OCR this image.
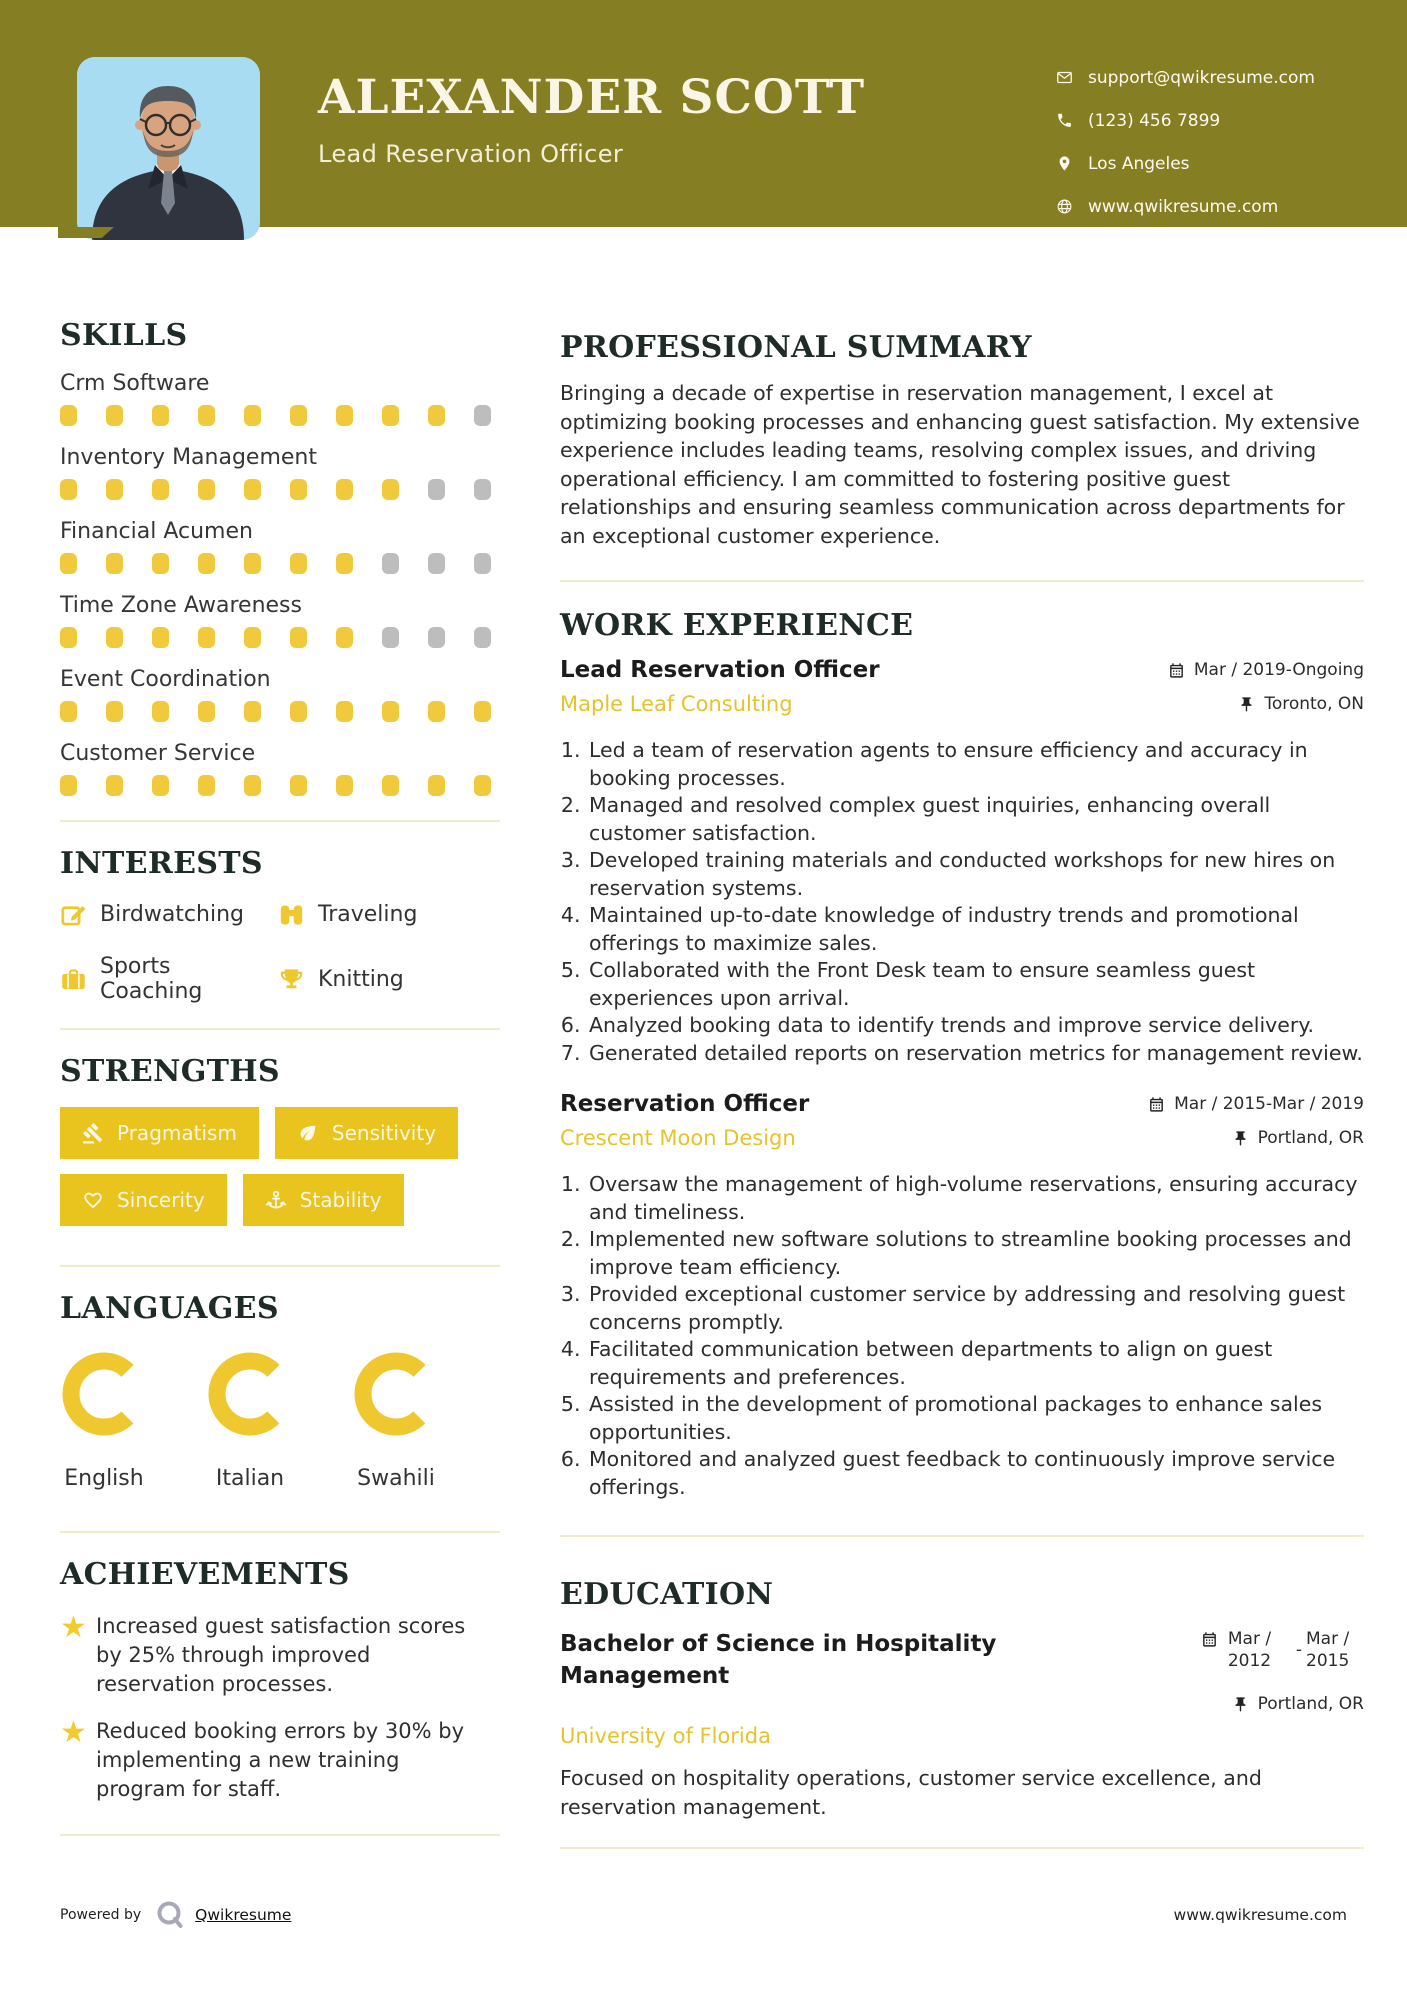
ALEXANDER SCOTT
Lead Reservation Officer
support@qwikresume.com
(123) 456 7899
Los Angeles
www.qwikresume.com
SKILLS
Crm Software
Inventory Management
Financial Acumen
Time Zone Awareness
Event Coordination
Customer Service
INTERESTS
Birdwatching	Traveling
Sports Coaching	Knitting
STRENGTHS
Pragmatism	Sensitivity
Sincerity	Stability
LANGUAGES
English	Italian	Swahili
ACHIEVEMENTS
★ Increased guest satisfaction scores by 25% through improved reservation processes.
★ Reduced booking errors by 30% by implementing a new training program for staff.
PROFESSIONAL SUMMARY

Bringing a decade of expertise in reservation management, I excel at optimizing booking processes and enhancing guest satisfaction. My extensive experience includes leading teams, resolving complex issues, and driving operational efficiency. I am committed to fostering positive guest relationships and ensuring seamless communication across departments for an exceptional customer experience.

WORK EXPERIENCE
Lead Reservation Officer
Maple Leaf Consulting
Mar / 2019-Ongoing
Toronto, ON
1. Led a team of reservation agents to ensure efficiency and accuracy in booking processes.
2. Managed and resolved complex guest inquiries, enhancing overall customer satisfaction.
3. Developed training materials and conducted workshops for new hires on reservation systems.
4. Maintained up-to-date knowledge of industry trends and promotional offerings to maximize sales.
5. Collaborated with the Front Desk team to ensure seamless guest experiences upon arrival.
6. Analyzed booking data to identify trends and improve service delivery.
7. Generated detailed reports on reservation metrics for management review.
Reservation Officer
Crescent Moon Design
Mar / 2015-Mar / 2019
Portland, OR
1. Oversaw the management of high-volume reservations, ensuring accuracy and timeliness.
2. Implemented new software solutions to streamline booking processes and improve team efficiency.
3. Provided exceptional customer service by addressing and resolving guest concerns promptly.
4. Facilitated communication between departments to align on guest requirements and preferences.
5. Assisted in the development of promotional packages to enhance sales opportunities.
6. Monitored and analyzed guest feedback to continuously improve service offerings.
EDUCATION
Bachelor of Science in Hospitality Management
Mar / 2012
-
Mar / 2015
Portland, OR
University of Florida

Focused on hospitality operations, customer service excellence, and reservation management.

Powered by	Qwikresume	www.qwikresume.com
